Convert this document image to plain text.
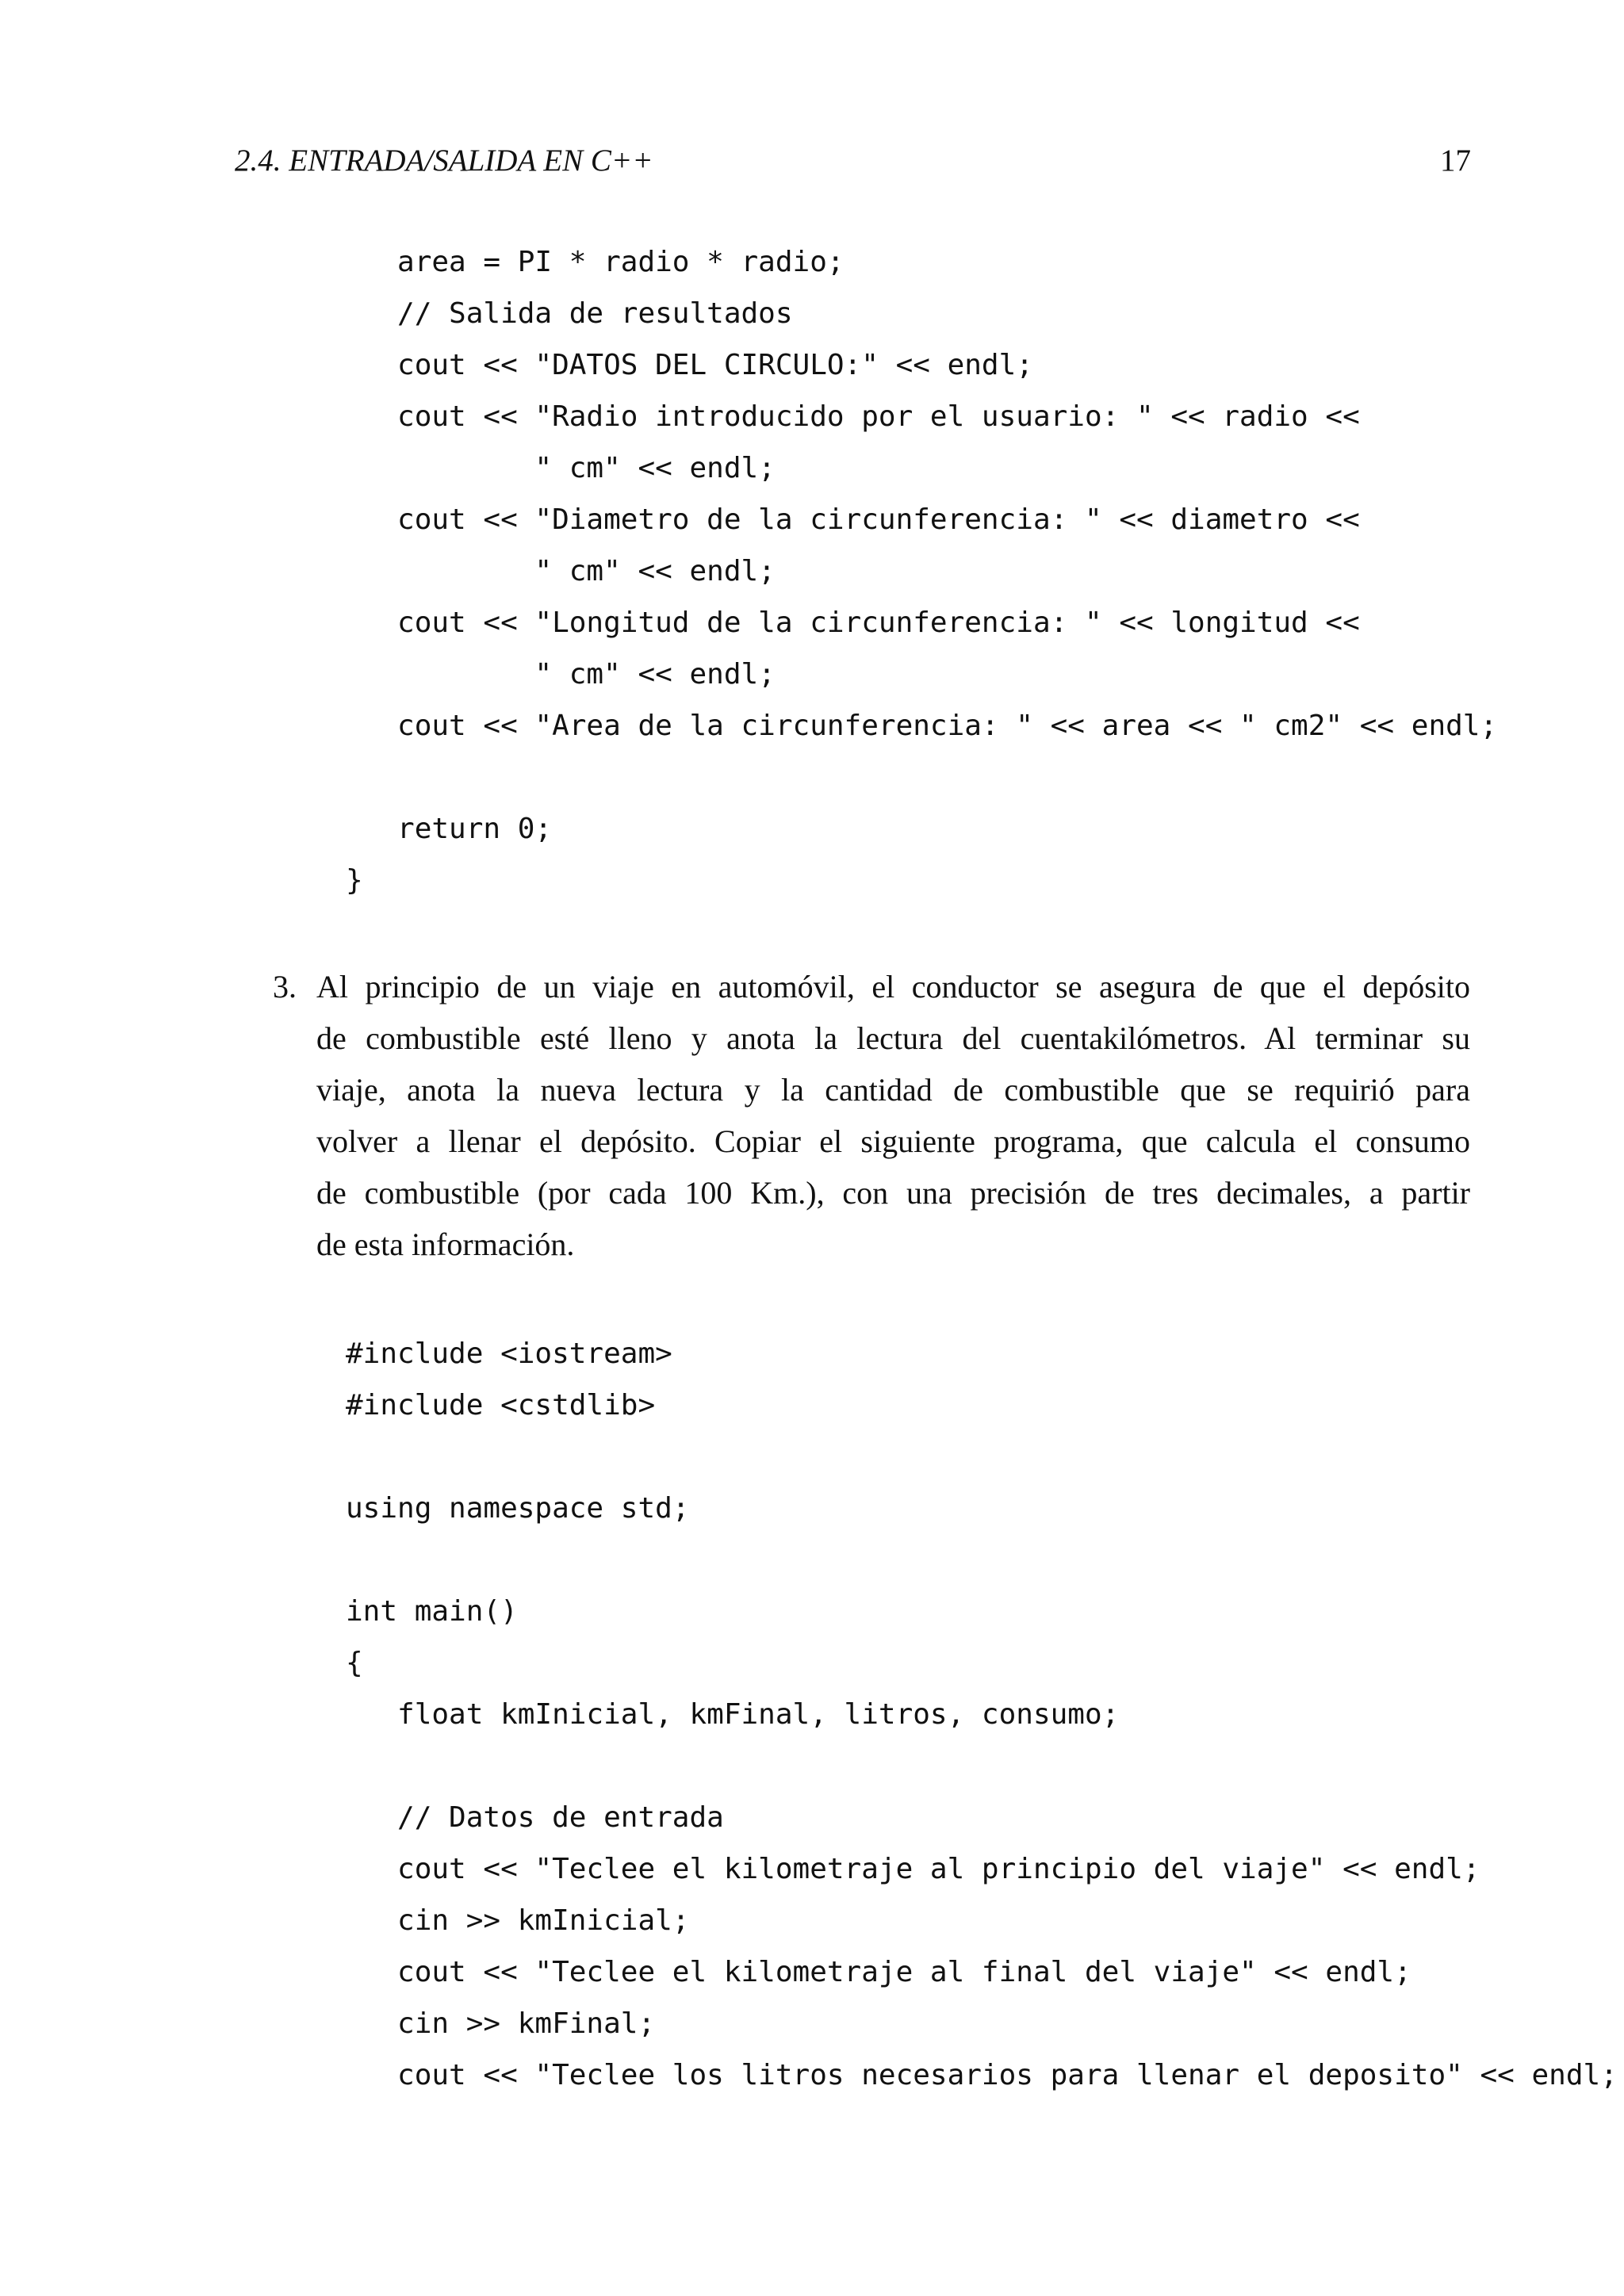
2.4. ENTRADA/SALIDA EN C++	17
area = PI * radio * radio;
// Salida de resultados
cout << "DATOS DEL CIRCULO:" << endl;
cout << "Radio introducido por el usuario: " << radio <<
" cm" << endl;
cout << "Diametro de la circunferencia: " << diametro <<
" cm" << endl;
cout << "Longitud de la circunferencia: " << longitud <<
" cm" << endl;
cout << "Area de la circunferencia: " << area << " cm2" << endl;
return 0;
}
3. Al principio de un viaje en automóvil, el conductor se asegura de que el depósito
de combustible esté lleno y anota la lectura del cuentakilómetros. Al terminar su
viaje, anota la nueva lectura y la cantidad de combustible que se requirió para
volver a llenar el depósito. Copiar el siguiente programa, que calcula el consumo
de combustible (por cada 100 Km.), con una precisión de tres decimales, a partir
de esta información.
#include <iostream>
#include <cstdlib>
using namespace std;
int main()
{
float kmInicial, kmFinal, litros, consumo;
// Datos de entrada
cout << "Teclee el kilometraje al principio del viaje" << endl;
cin >> kmInicial;
cout << "Teclee el kilometraje al final del viaje" << endl;
cin >> kmFinal;
cout << "Teclee los litros necesarios para llenar el deposito" << endl;
